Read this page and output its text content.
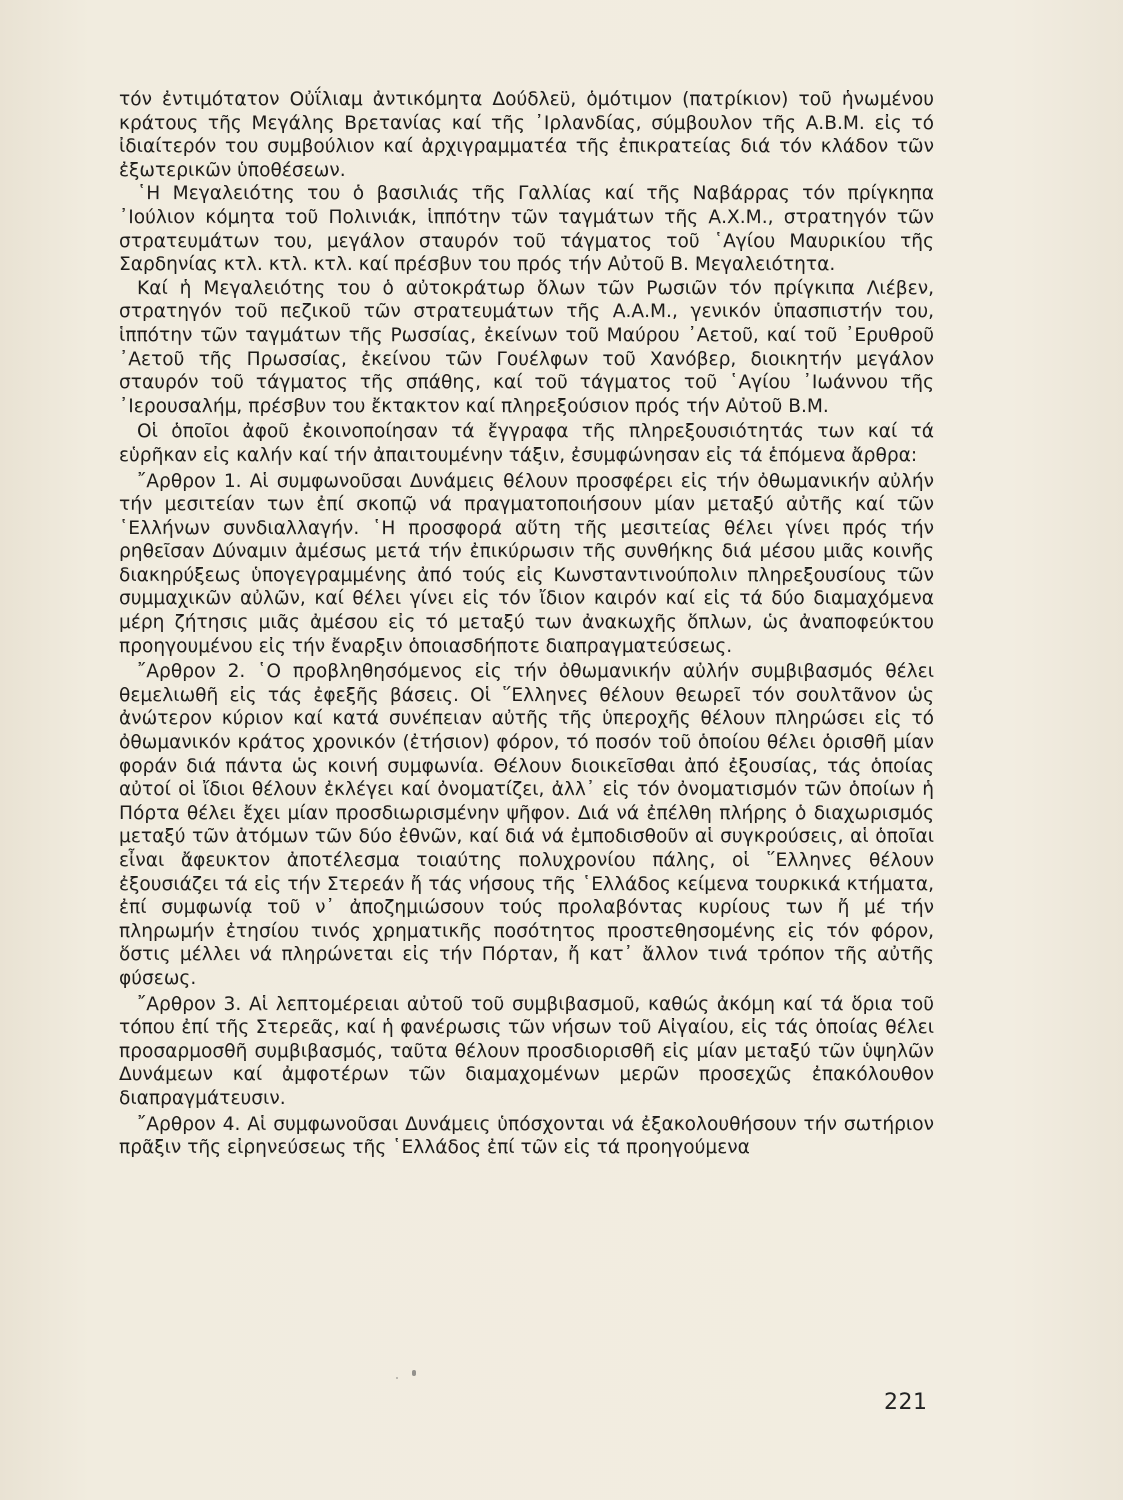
τόν ἐντιμότατον Οὐΐλιαμ ἀντικόμητα Δούδλεϋ, ὁμότιμον (πατρίκιον) τοῦ ἡνωμένου κράτους τῆς Μεγάλης Βρετανίας καί τῆς ᾿Ιρλανδίας, σύμβουλον τῆς Α.Β.Μ. εἰς τό ἰδιαίτερόν του συμβούλιον καί ἀρχιγραμματέα τῆς ἐπικρατείας διά τόν κλάδον τῶν ἐξωτερικῶν ὑποθέσεων.

῾Η Μεγαλειότης του ὁ βασιλιάς τῆς Γαλλίας καί τῆς Ναβάρρας τόν πρίγκηπα ᾿Ιούλιον κόμητα τοῦ Πολινιάκ, ἱππότην τῶν ταγμάτων τῆς Α.Χ.Μ., στρατηγόν τῶν στρατευμάτων του, μεγάλον σταυρόν τοῦ τάγματος τοῦ ῾Αγίου Μαυρικίου τῆς Σαρδηνίας κτλ. κτλ. κτλ. καί πρέσβυν του πρός τήν Αὐτοῦ Β. Μεγαλειότητα.

Καί ἡ Μεγαλειότης του ὁ αὐτοκράτωρ ὅλων τῶν Ρωσιῶν τόν πρίγκιπα Λιέβεν, στρατηγόν τοῦ πεζικοῦ τῶν στρατευμάτων τῆς Α.Α.Μ., γενικόν ὑπασπιστήν του, ἱππότην τῶν ταγμάτων τῆς Ρωσσίας, ἐκείνων τοῦ Μαύρου ᾿Αετοῦ, καί τοῦ ᾿Ερυθροῦ ᾿Αετοῦ τῆς Πρωσσίας, ἐκείνου τῶν Γουέλφων τοῦ Χανόβερ, διοικητήν μεγάλον σταυρόν τοῦ τάγματος τῆς σπάθης, καί τοῦ τάγματος τοῦ ῾Αγίου ᾿Ιωάννου τῆς ᾿Ιερουσαλήμ, πρέσβυν του ἔκτακτον καί πληρεξούσιον πρός τήν Αὐτοῦ Β.Μ.

Οἱ ὁποῖοι ἀφοῦ ἐκοινοποίησαν τά ἔγγραφα τῆς πληρεξουσιότητάς των καί τά εὑρῆκαν εἰς καλήν καί τήν ἀπαιτουμένην τάξιν, ἐσυμφώνησαν εἰς τά ἑπόμενα ἄρθρα:

῎Αρθρον 1. Αἱ συμφωνοῦσαι Δυνάμεις θέλουν προσφέρει εἰς τήν ὀθωμανικήν αὐλήν τήν μεσιτείαν των ἐπί σκοπῷ νά πραγματοποιήσουν μίαν μεταξύ αὐτῆς καί τῶν ῾Ελλήνων συνδιαλλαγήν. ῾Η προσφορά αὕτη τῆς μεσιτείας θέλει γίνει πρός τήν ρηθεῖσαν Δύναμιν ἀμέσως μετά τήν ἐπικύρωσιν τῆς συνθήκης διά μέσου μιᾶς κοινῆς διακηρύξεως ὑπογεγραμμένης ἀπό τούς εἰς Κωνσταντινούπολιν πληρεξουσίους τῶν συμμαχικῶν αὐλῶν, καί θέλει γίνει εἰς τόν ἴδιον καιρόν καί εἰς τά δύο διαμαχόμενα μέρη ζήτησις μιᾶς ἀμέσου εἰς τό μεταξύ των ἀνακωχῆς ὅπλων, ὡς ἀναποφεύκτου προηγουμένου εἰς τήν ἔναρξιν ὁποιασδήποτε διαπραγματεύσεως.

῎Αρθρον 2. ῾Ο προβληθησόμενος εἰς τήν ὀθωμανικήν αὐλήν συμβιβασμός θέλει θεμελιωθῆ εἰς τάς ἐφεξῆς βάσεις. Οἱ ῞Ελληνες θέλουν θεωρεῖ τόν σουλτᾶνον ὡς ἀνώτερον κύριον καί κατά συνέπειαν αὐτῆς τῆς ὑπεροχῆς θέλουν πληρώσει εἰς τό ὀθωμανικόν κράτος χρονικόν (ἐτήσιον) φόρον, τό ποσόν τοῦ ὁποίου θέλει ὁρισθῆ μίαν φοράν διά πάντα ὡς κοινή συμφωνία. Θέλουν διοικεῖσθαι ἀπό ἐξουσίας, τάς ὁποίας αὐτοί οἱ ἴδιοι θέλουν ἐκλέγει καί ὀνοματίζει, ἀλλ᾿ εἰς τόν ὀνοματισμόν τῶν ὁποίων ἡ Πόρτα θέλει ἔχει μίαν προσδιωρισμένην ψῆφον. Διά νά ἐπέλθη πλήρης ὁ διαχωρισμός μεταξύ τῶν ἀτόμων τῶν δύο ἐθνῶν, καί διά νά ἐμποδισθοῦν αἱ συγκρούσεις, αἱ ὁποῖαι εἶναι ἄφευκτον ἀποτέλεσμα τοιαύτης πολυχρονίου πάλης, οἱ ῞Ελληνες θέλουν ἐξουσιάζει τά εἰς τήν Στερεάν ἤ τάς νήσους τῆς ῾Ελλάδος κείμενα τουρκικά κτήματα, ἐπί συμφωνίᾳ τοῦ ν᾿ ἀποζημιώσουν τούς προλαβόντας κυρίους των ἤ μέ τήν πληρωμήν ἐτησίου τινός χρηματικῆς ποσότητος προστεθησομένης εἰς τόν φόρον, ὅστις μέλλει νά πληρώνεται εἰς τήν Πόρταν, ἤ κατ᾿ ἄλλον τινά τρόπον τῆς αὐτῆς φύσεως.

῎Αρθρον 3. Αἱ λεπτομέρειαι αὐτοῦ τοῦ συμβιβασμοῦ, καθώς ἀκόμη καί τά ὅρια τοῦ τόπου ἐπί τῆς Στερεᾶς, καί ἡ φανέρωσις τῶν νήσων τοῦ Αἰγαίου, εἰς τάς ὁποίας θέλει προσαρμοσθῆ συμβιβασμός, ταῦτα θέλουν προσδιορισθῆ εἰς μίαν μεταξύ τῶν ὑψηλῶν Δυνάμεων καί ἀμφοτέρων τῶν διαμαχομένων μερῶν προσεχῶς ἐπακόλουθον διαπραγμάτευσιν.

῎Αρθρον 4. Αἱ συμφωνοῦσαι Δυνάμεις ὑπόσχονται νά ἐξακολουθήσουν τήν σωτήριον πρᾶξιν τῆς εἰρηνεύσεως τῆς ῾Ελλάδος ἐπί τῶν εἰς τά προηγούμενα

221
